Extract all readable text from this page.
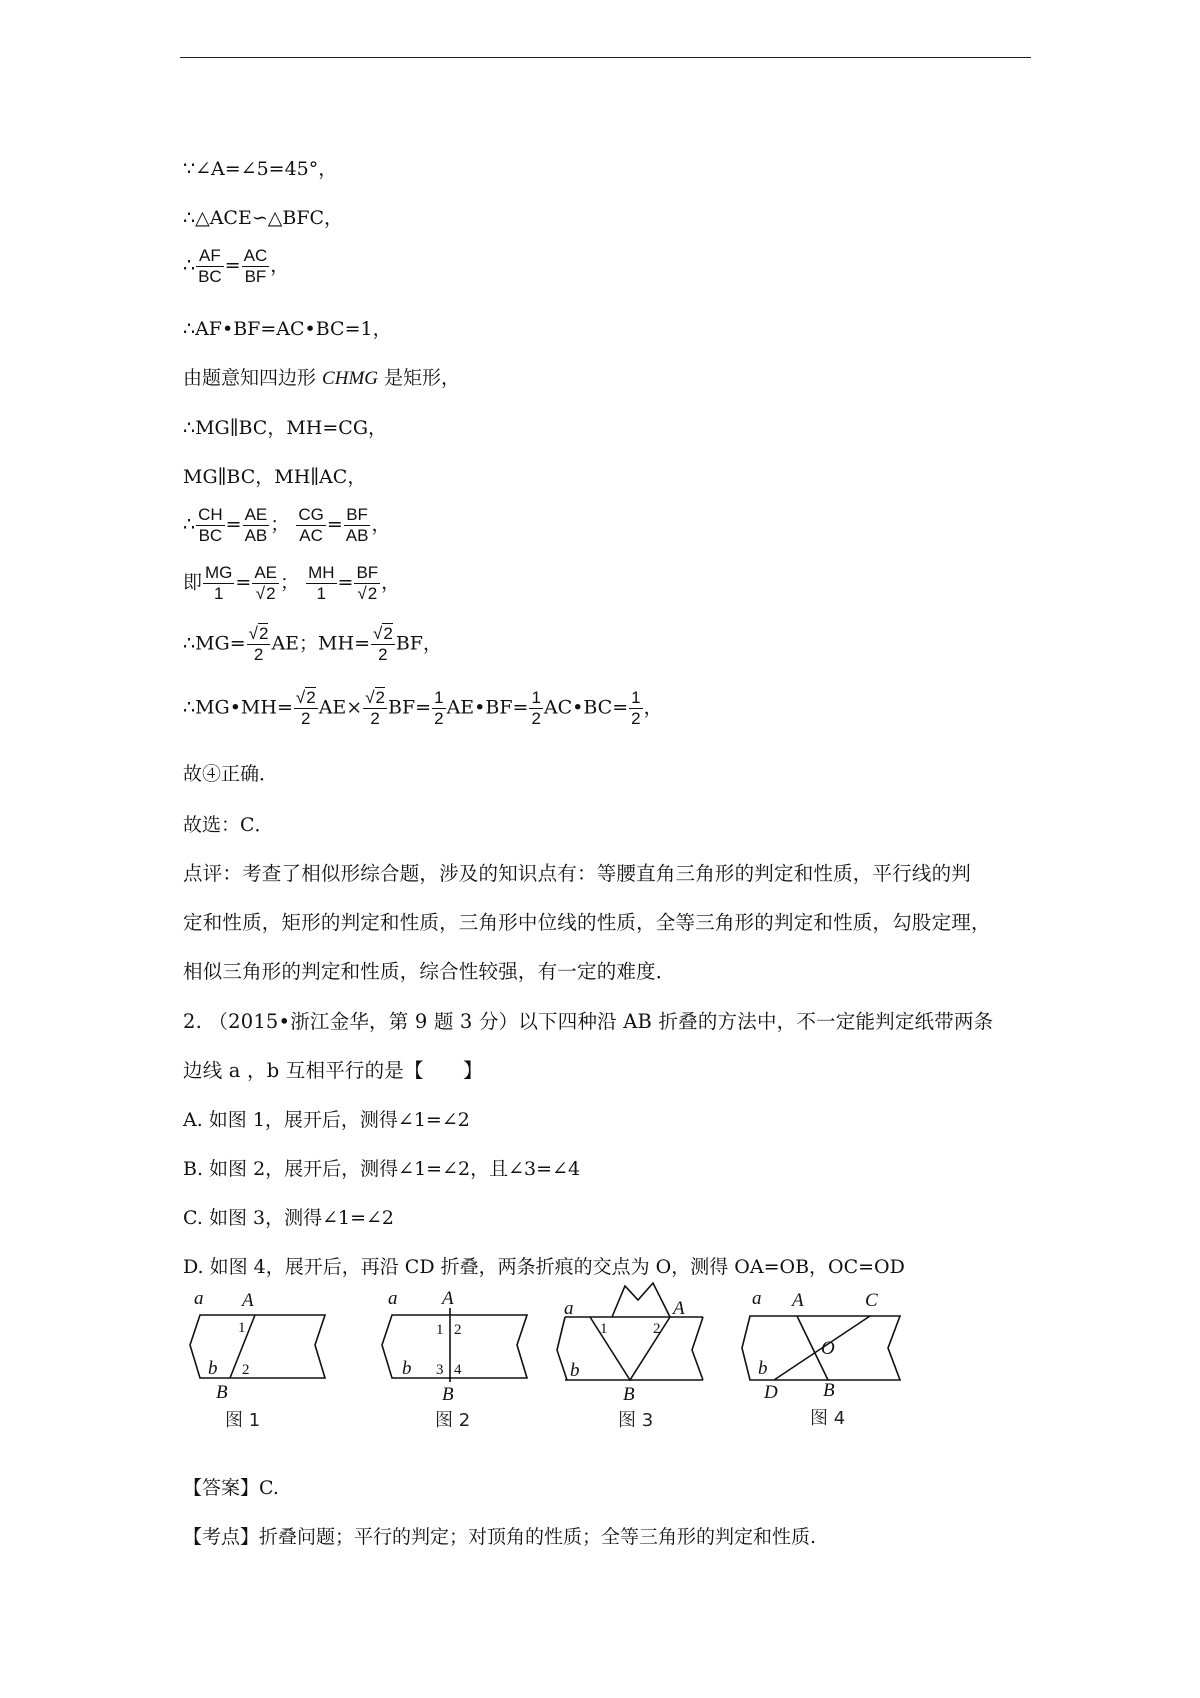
∵∠A=∠5=45°，
∴△ACE∽△BFC，
∴ $\frac{AF}{BC} = \frac{AC}{BF}$ ，
∴AF•BF=AC•BC=1，
由题意知四边形 CHMG 是矩形，
∴MG∥BC，MH=CG，
MG∥BC，MH∥AC，
∴ $\frac{CH}{BC} = \frac{AE}{AB}$ ； $\frac{CG}{AC} = \frac{BF}{AB}$ ，
即 $\frac{MG}{1} = \frac{AE}{√2}$ ； $\frac{MH}{1} = \frac{BF}{√2}$ ，
∴MG= $\frac{√2}{2}$ AE；$MH= \frac{√2}{2}$ BF，
∴MG•MH= $\frac{√2}{2} AE\times \frac{√2}{2} BF= \frac{1}{2}$ AE•BF= $\frac{1}{2}$ AC•BC= $\frac{1}{2}$ ，
故④正确．
故选：C．
点评：考查了相似形综合题，涉及的知识点有：等腰直角三角形的判定和性质，平行线的判
定和性质，矩形的判定和性质，三角形中位线的性质，全等三角形的判定和性质，勾股定理，
相似三角形的判定和性质，综合性较强，有一定的难度．
2. （2015•浙江金华，第 9 题 3 分）以下四种沿 AB 折叠的方法中，不一定能判定纸带两条
边线 a ，b 互相平行的是【　　】
A. 如图 1，展开后，测得∠1=∠2
B. 如图 2，展开后，测得∠1=∠2，且∠3=∠4
C. 如图 3，测得∠1=∠2
D. 如图 4，展开后，再沿 CD 折叠，两条折痕的交点为 O，测得 OA=OB，OC=OD
a A
1
2
b
B
图 1
a A
1 2
3 4
b
B
图 2
a	A
1	2
b
B
图 3
a A	C
O
b
D B
图 4
【答案】C.
【考点】折叠问题；平行的判定；对顶角的性质；全等三角形的判定和性质.
